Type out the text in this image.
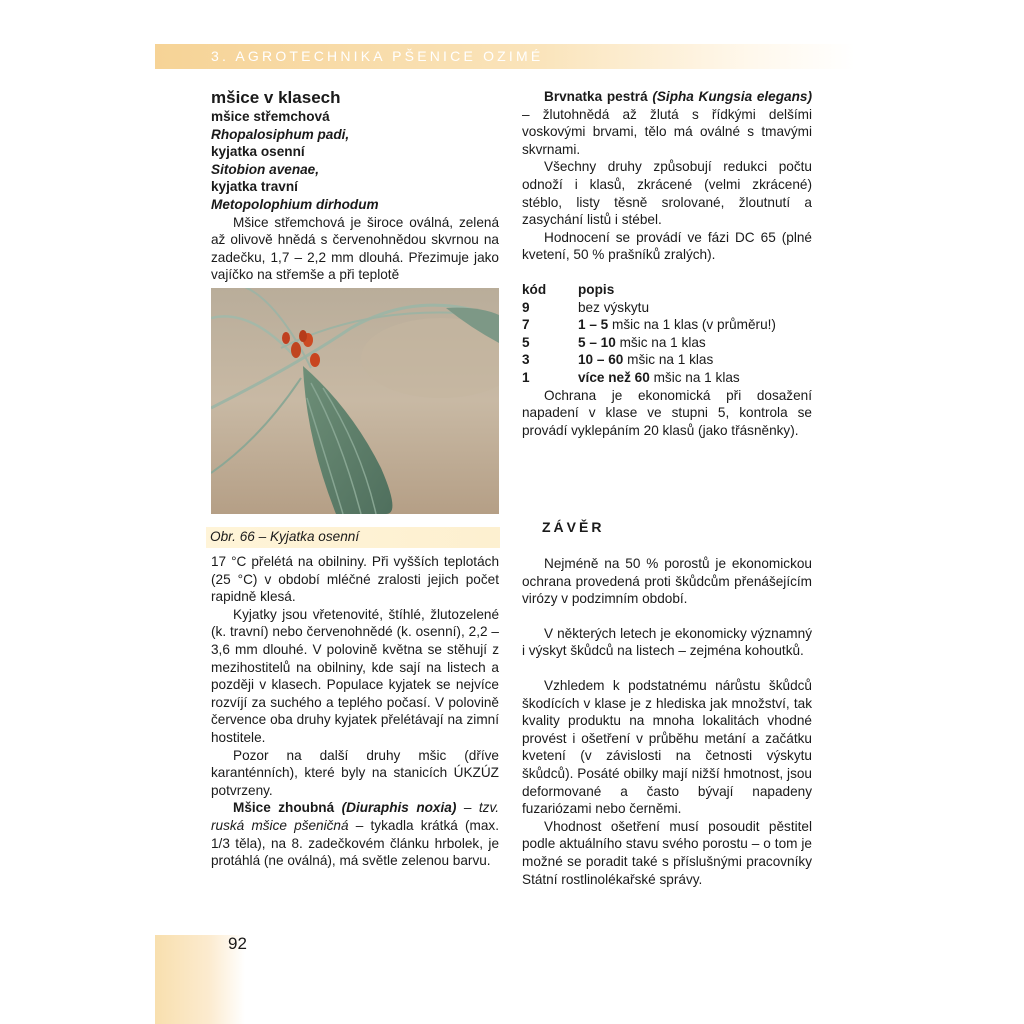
3. AGROTECHNIKA PŠENICE OZIMÉ
mšice v klasech
mšice střemchová
Rhopalosiphum padi,
kyjatka osenní
Sitobion avenae,
kyjatka travní
Metopolophium dirhodum

Mšice střemchová je široce oválná, zelená až olivově hnědá s červenohnědou skvrnou na zadečku, 1,7 – 2,2 mm dlouhá. Přezimuje jako vajíčko na střemše a při teplotě

Obr. 66 – Kyjatka osenní

17 °C přelétá na obilniny. Při vyšších teplotách (25 °C) v období mléčné zralosti jejich počet rapidně klesá.

Kyjatky jsou vřetenovité, štíhlé, žlutozelené (k. travní) nebo červenohnědé (k. osenní), 2,2 – 3,6 mm dlouhé. V polovině května se stěhují z mezihostitelů na obilniny, kde sají na listech a později v klasech. Populace kyjatek se nejvíce rozvíjí za suchého a teplého počasí. V polovině července oba druhy kyjatek přelétávají na zimní hostitele.

Pozor na další druhy mšic (dříve karanténních), které byly na stanicích ÚKZÚZ potvrzeny.

Mšice zhoubná (Diuraphis noxia) – tzv. ruská mšice pšeničná – tykadla krátká (max. 1/3 těla), na 8. zadečkovém článku hrbolek, je protáhlá (ne oválná), má světle zelenou barvu.

Brvnatka pestrá (Sipha Kungsia elegans) – žlutohnědá až žlutá s řídkými delšími voskovými brvami, tělo má oválné s tmavými skvrnami.

Všechny druhy způsobují redukci počtu odnoží i klasů, zkrácené (velmi zkrácené) stéblo, listy těsně srolované, žloutnutí a zasychání listů i stébel.

Hodnocení se provádí ve fázi DC 65 (plné kvetení, 50 % prašníků zralých).

kód	popis
9	bez výskytu
7	1 – 5 mšic na 1 klas (v průměru!)
5	5 – 10 mšic na 1 klas
3	10 – 60 mšic na 1 klas
1	více než 60 mšic na 1 klas

Ochrana je ekonomická při dosažení napadení v klase ve stupni 5, kontrola se provádí vyklepáním 20 klasů (jako třásněnky).

ZÁVĚR

Nejméně na 50 % porostů je ekonomickou ochrana provedená proti škůdcům přenášejícím virózy v podzimním období.

V některých letech je ekonomicky významný i výskyt škůdců na listech – zejména kohoutků.

Vzhledem k podstatnému nárůstu škůdců škodících v klase je z hlediska jak množství, tak kvality produktu na mnoha lokalitách vhodné provést i ošetření v průběhu metání a začátku kvetení (v závislosti na četnosti výskytu škůdců). Posáté obilky mají nižší hmotnost, jsou deformované a často bývají napadeny fuzariózami nebo černěmi.

Vhodnost ošetření musí posoudit pěstitel podle aktuálního stavu svého porostu – o tom je možné se poradit také s příslušnými pracovníky Státní rostlinolékařské správy.

92
